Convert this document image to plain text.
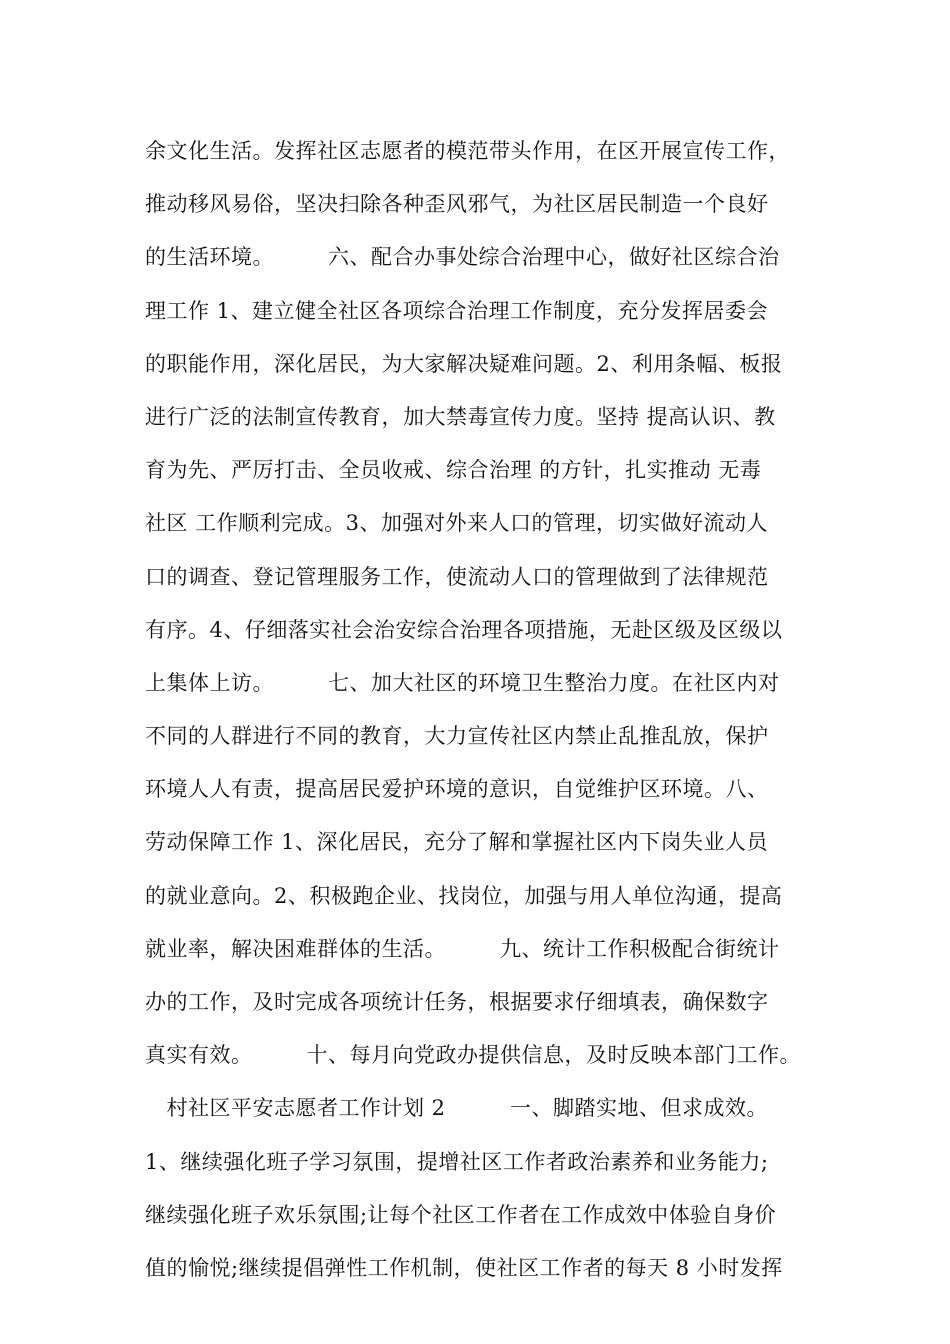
余文化生活。发挥社区志愿者的模范带头作用，在区开展宣传工作，
推动移风易俗，坚决扫除各种歪风邪气，为社区居民制造一个良好
的生活环境。　　　六、配合办事处综合治理中心，做好社区综合治
理工作 1、建立健全社区各项综合治理工作制度，充分发挥居委会
的职能作用，深化居民，为大家解决疑难问题。2、利用条幅、板报
进行广泛的法制宣传教育，加大禁毒宣传力度。坚持 提高认识、教
育为先、严厉打击、全员收戒、综合治理 的方针，扎实推动 无毒
社区 工作顺利完成。3、加强对外来人口的管理，切实做好流动人
口的调查、登记管理服务工作，使流动人口的管理做到了法律规范
有序。4、仔细落实社会治安综合治理各项措施，无赴区级及区级以
上集体上访。　　　七、加大社区的环境卫生整治力度。在社区内对
不同的人群进行不同的教育，大力宣传社区内禁止乱推乱放，保护
环境人人有责，提高居民爱护环境的意识，自觉维护区环境。八、
劳动保障工作 1、深化居民，充分了解和掌握社区内下岗失业人员
的就业意向。2、积极跑企业、找岗位，加强与用人单位沟通，提高
就业率，解决困难群体的生活。　　　九、统计工作积极配合街统计
办的工作，及时完成各项统计任务，根据要求仔细填表，确保数字
真实有效。　　　十、每月向党政办提供信息，及时反映本部门工作。
　村社区平安志愿者工作计划 2　　　一、脚踏实地、但求成效。
1、继续强化班子学习氛围，提增社区工作者政治素养和业务能力;
继续强化班子欢乐氛围;让每个社区工作者在工作成效中体验自身价
值的愉悦;继续提倡弹性工作机制，使社区工作者的每天 8 小时发挥
